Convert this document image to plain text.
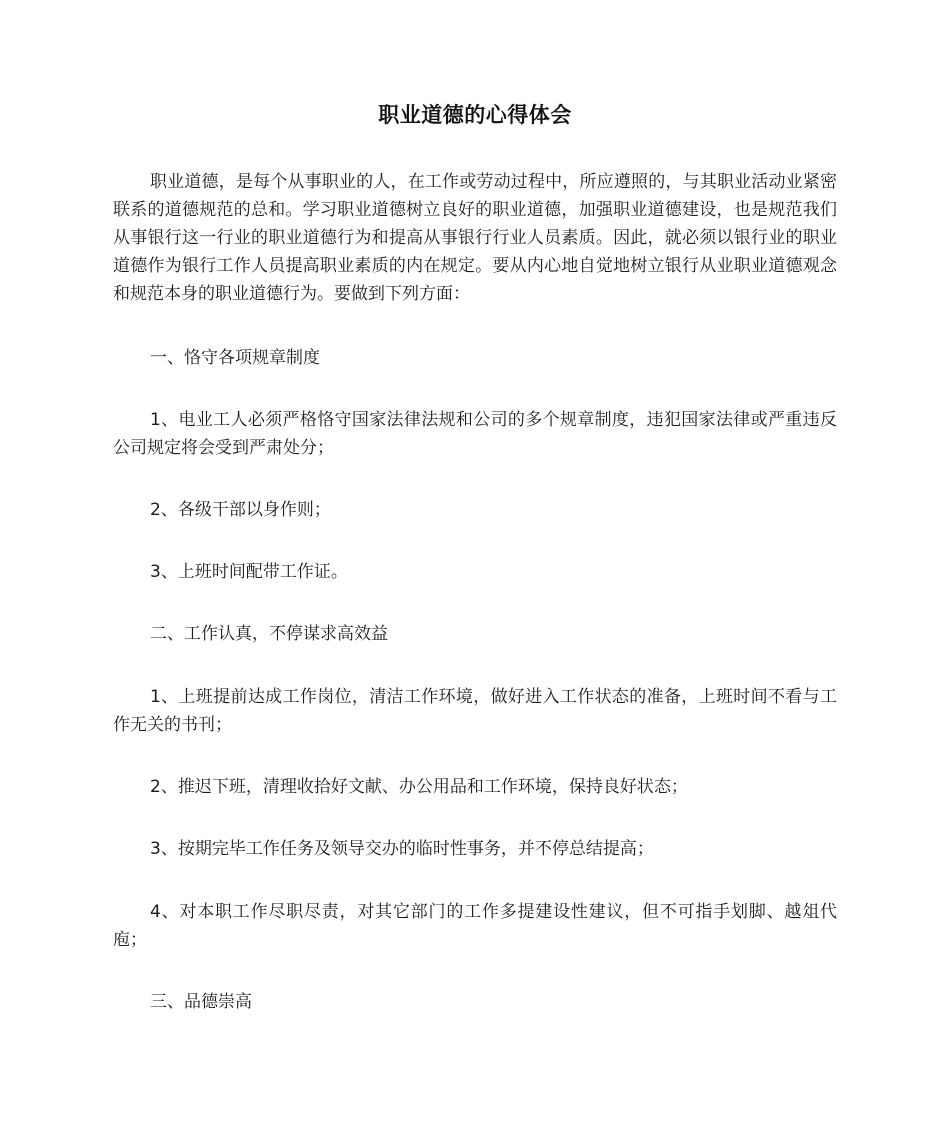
职业道德的心得体会

职业道德，是每个从事职业的人，在工作或劳动过程中，所应遵照的，与其职业活动业紧密联系的道德规范的总和。学习职业道德树立良好的职业道德，加强职业道德建设，也是规范我们从事银行这一行业的职业道德行为和提高从事银行行业人员素质。因此，就必须以银行业的职业道德作为银行工作人员提高职业素质的内在规定。要从内心地自觉地树立银行从业职业道德观念和规范本身的职业道德行为。要做到下列方面：

一、恪守各项规章制度

1、电业工人必须严格恪守国家法律法规和公司的多个规章制度，违犯国家法律或严重违反公司规定将会受到严肃处分；

2、各级干部以身作则；

3、上班时间配带工作证。

二、工作认真，不停谋求高效益

1、上班提前达成工作岗位，清洁工作环境，做好进入工作状态的准备，上班时间不看与工作无关的书刊；

2、推迟下班，清理收拾好文献、办公用品和工作环境，保持良好状态；

3、按期完毕工作任务及领导交办的临时性事务，并不停总结提高；

4、对本职工作尽职尽责，对其它部门的工作多提建设性建议，但不可指手划脚、越俎代庖；

三、品德崇高
